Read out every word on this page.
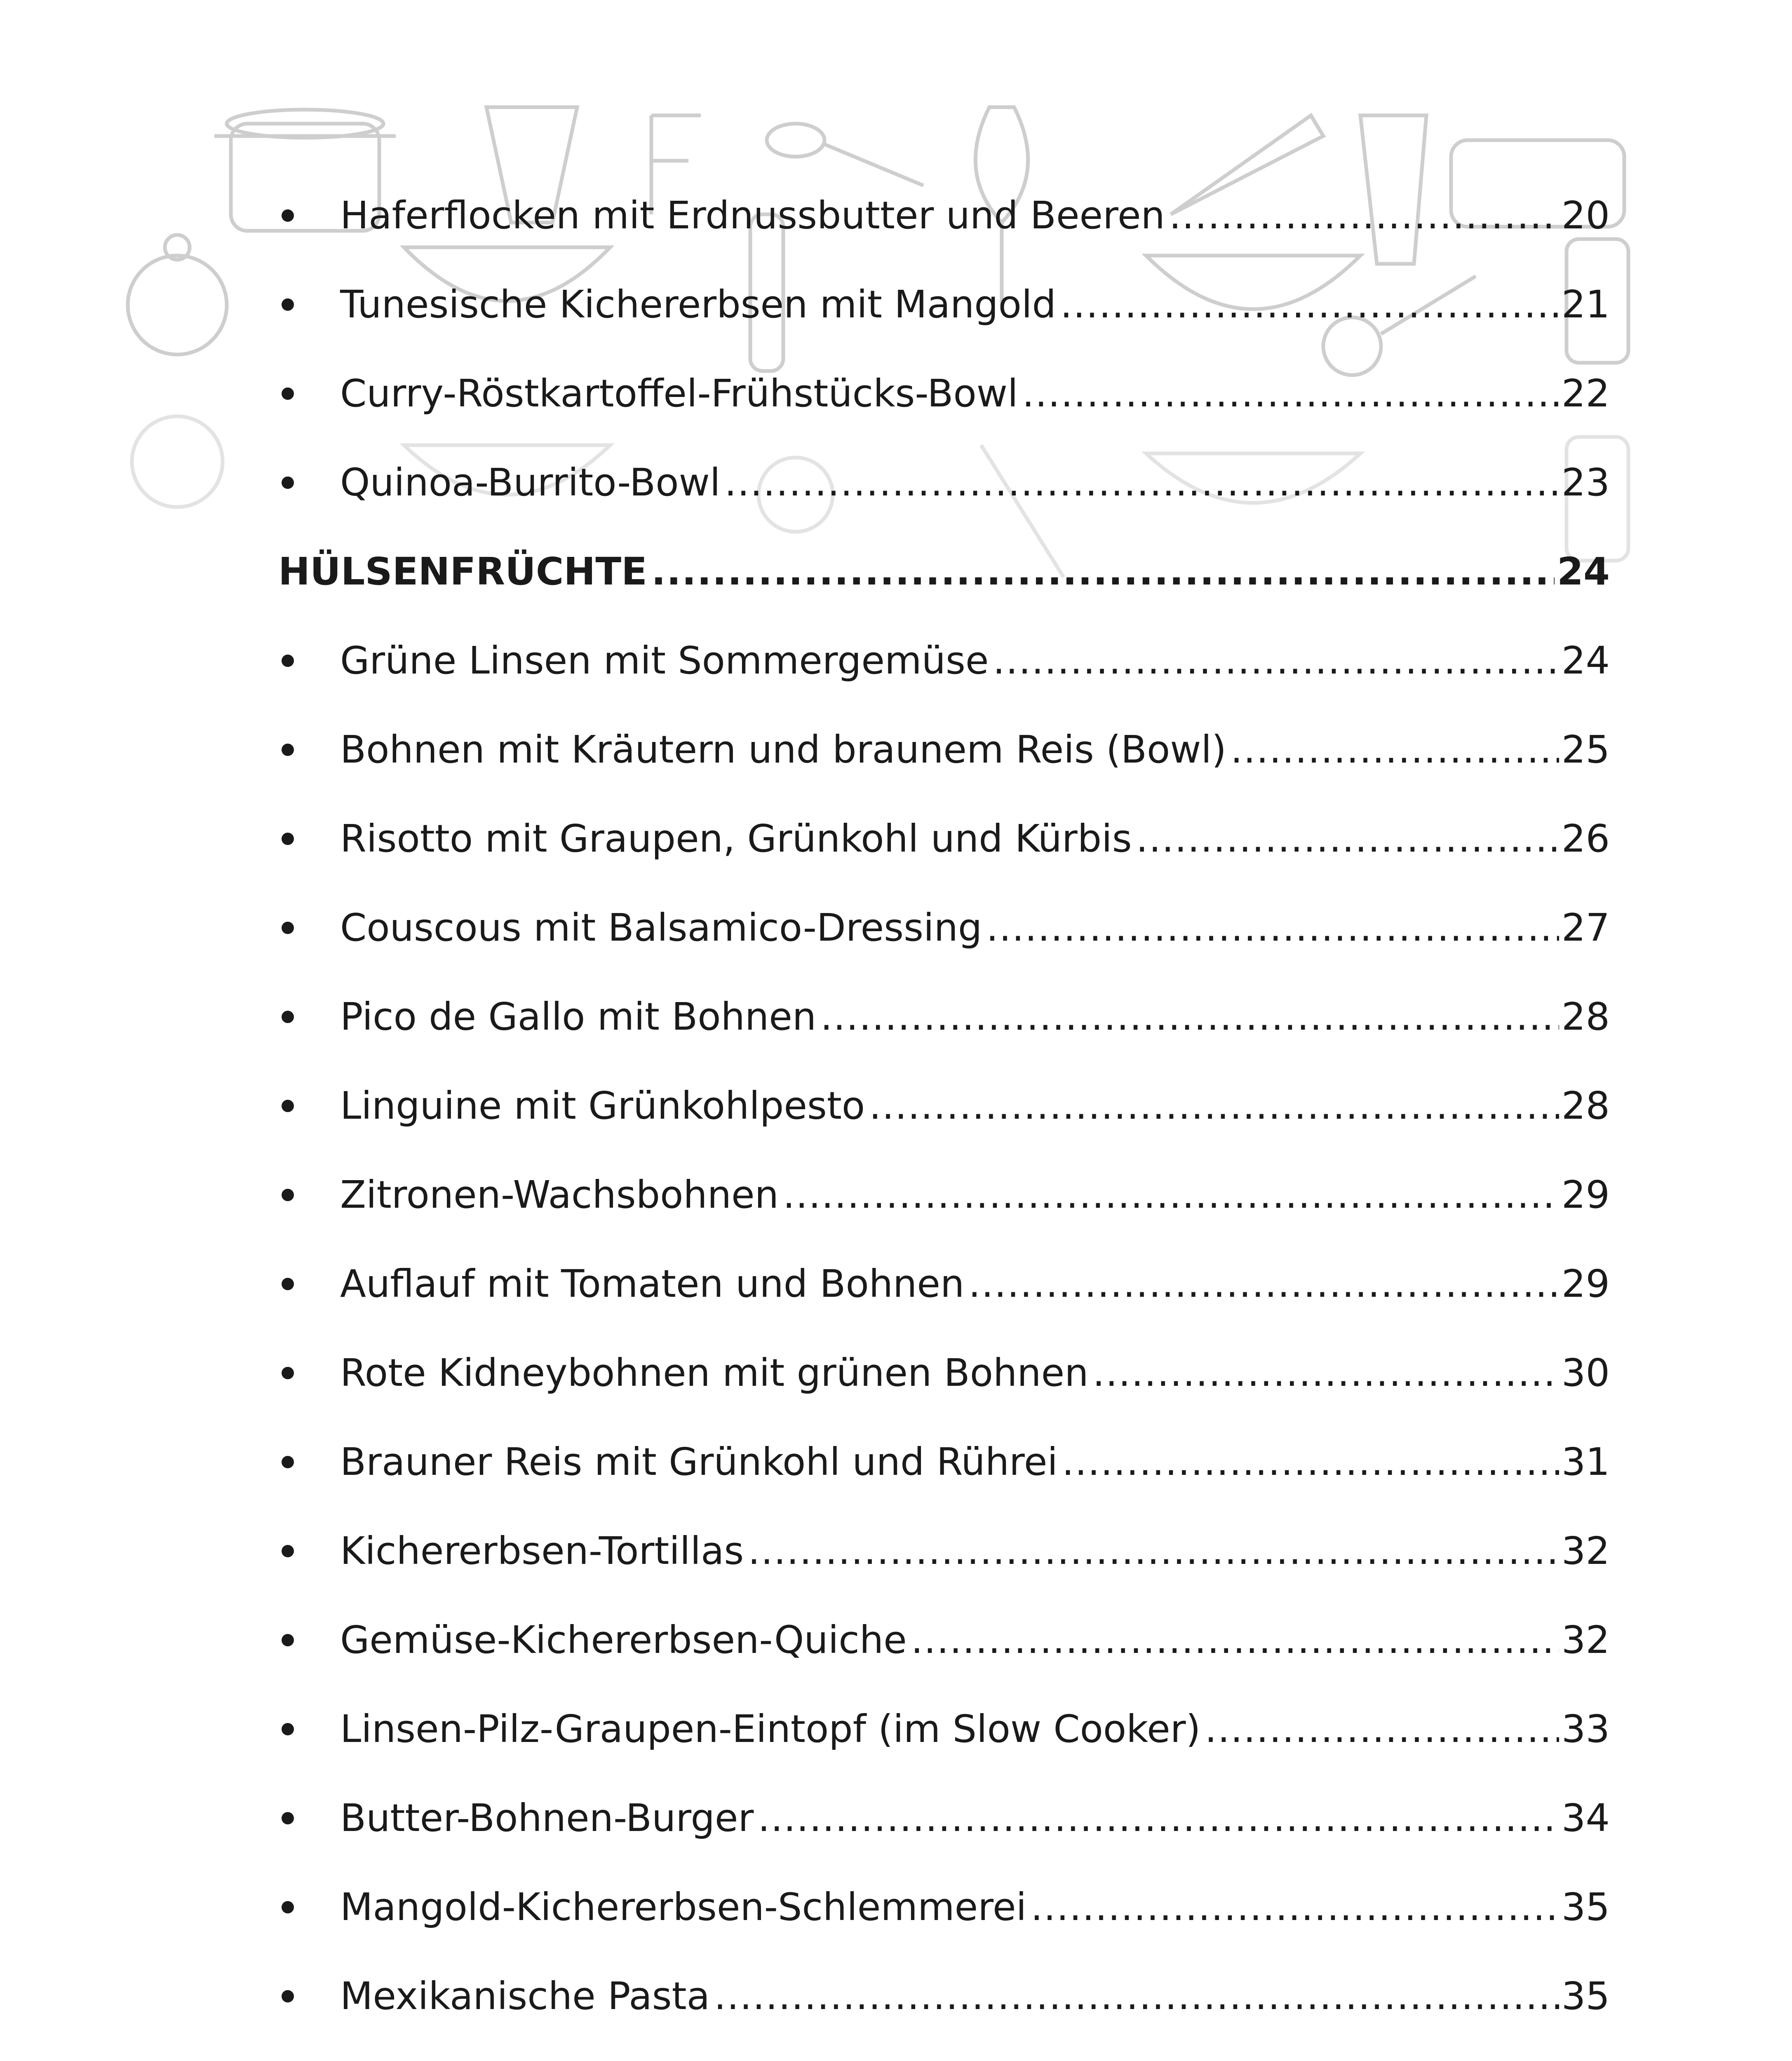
Haferflocken mit Erdnussbutter und Beeren .....	20
Tunesische Kichererbsen mit Mangold .....	21
Curry-Röstkartoffel-Frühstücks-Bowl .....	22
Quinoa-Burrito-Bowl .....	23
HÜLSENFRÜCHTE .....	24
Grüne Linsen mit Sommergemüse .....	24
Bohnen mit Kräutern und braunem Reis (Bowl) .....	25
Risotto mit Graupen, Grünkohl und Kürbis .....	26
Couscous mit Balsamico-Dressing .....	27
Pico de Gallo mit Bohnen .....	28
Linguine mit Grünkohlpesto .....	28
Zitronen-Wachsbohnen .....	29
Auflauf mit Tomaten und Bohnen .....	29
Rote Kidneybohnen mit grünen Bohnen .....	30
Brauner Reis mit Grünkohl und Rührei .....	31
Kichererbsen-Tortillas .....	32
Gemüse-Kichererbsen-Quiche .....	32
Linsen-Pilz-Graupen-Eintopf (im Slow Cooker) .....	33
Butter-Bohnen-Burger .....	34
Mangold-Kichererbsen-Schlemmerei .....	35
Mexikanische Pasta .....	35
